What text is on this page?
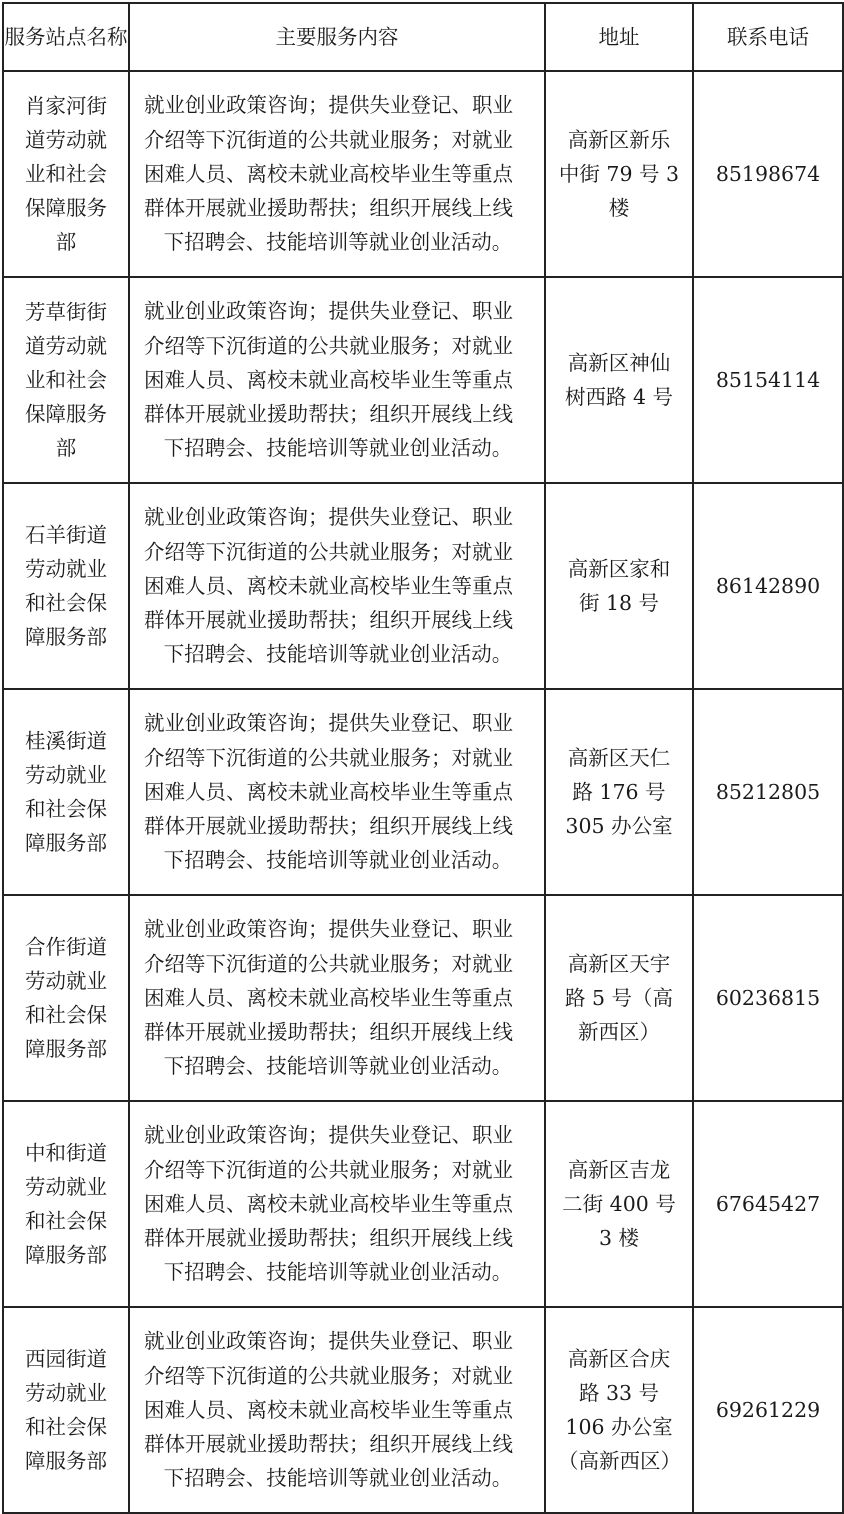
服务站点名称	主要服务内容	地址	联系电话
肖家河街道劳动就业和社会保障服务部	就业创业政策咨询；提供失业登记、职业介绍等下沉街道的公共就业服务；对就业困难人员、离校未就业高校毕业生等重点群体开展就业援助帮扶；组织开展线上线下招聘会、技能培训等就业创业活动。	高新区新乐中街 79 号 3 楼	85198674
芳草街街道劳动就业和社会保障服务部	就业创业政策咨询；提供失业登记、职业介绍等下沉街道的公共就业服务；对就业困难人员、离校未就业高校毕业生等重点群体开展就业援助帮扶；组织开展线上线下招聘会、技能培训等就业创业活动。	高新区神仙树西路 4 号	85154114
石羊街道劳动就业和社会保障服务部	就业创业政策咨询；提供失业登记、职业介绍等下沉街道的公共就业服务；对就业困难人员、离校未就业高校毕业生等重点群体开展就业援助帮扶；组织开展线上线下招聘会、技能培训等就业创业活动。	高新区家和街 18 号	86142890
桂溪街道劳动就业和社会保障服务部	就业创业政策咨询；提供失业登记、职业介绍等下沉街道的公共就业服务；对就业困难人员、离校未就业高校毕业生等重点群体开展就业援助帮扶；组织开展线上线下招聘会、技能培训等就业创业活动。	高新区天仁路 176 号 305 办公室	85212805
合作街道劳动就业和社会保障服务部	就业创业政策咨询；提供失业登记、职业介绍等下沉街道的公共就业服务；对就业困难人员、离校未就业高校毕业生等重点群体开展就业援助帮扶；组织开展线上线下招聘会、技能培训等就业创业活动。	高新区天宇路 5 号（高新西区）	60236815
中和街道劳动就业和社会保障服务部	就业创业政策咨询；提供失业登记、职业介绍等下沉街道的公共就业服务；对就业困难人员、离校未就业高校毕业生等重点群体开展就业援助帮扶；组织开展线上线下招聘会、技能培训等就业创业活动。	高新区吉龙二街 400 号 3 楼	67645427
西园街道劳动就业和社会保障服务部	就业创业政策咨询；提供失业登记、职业介绍等下沉街道的公共就业服务；对就业困难人员、离校未就业高校毕业生等重点群体开展就业援助帮扶；组织开展线上线下招聘会、技能培训等就业创业活动。	高新区合庆路 33 号 106 办公室（高新西区）	69261229
